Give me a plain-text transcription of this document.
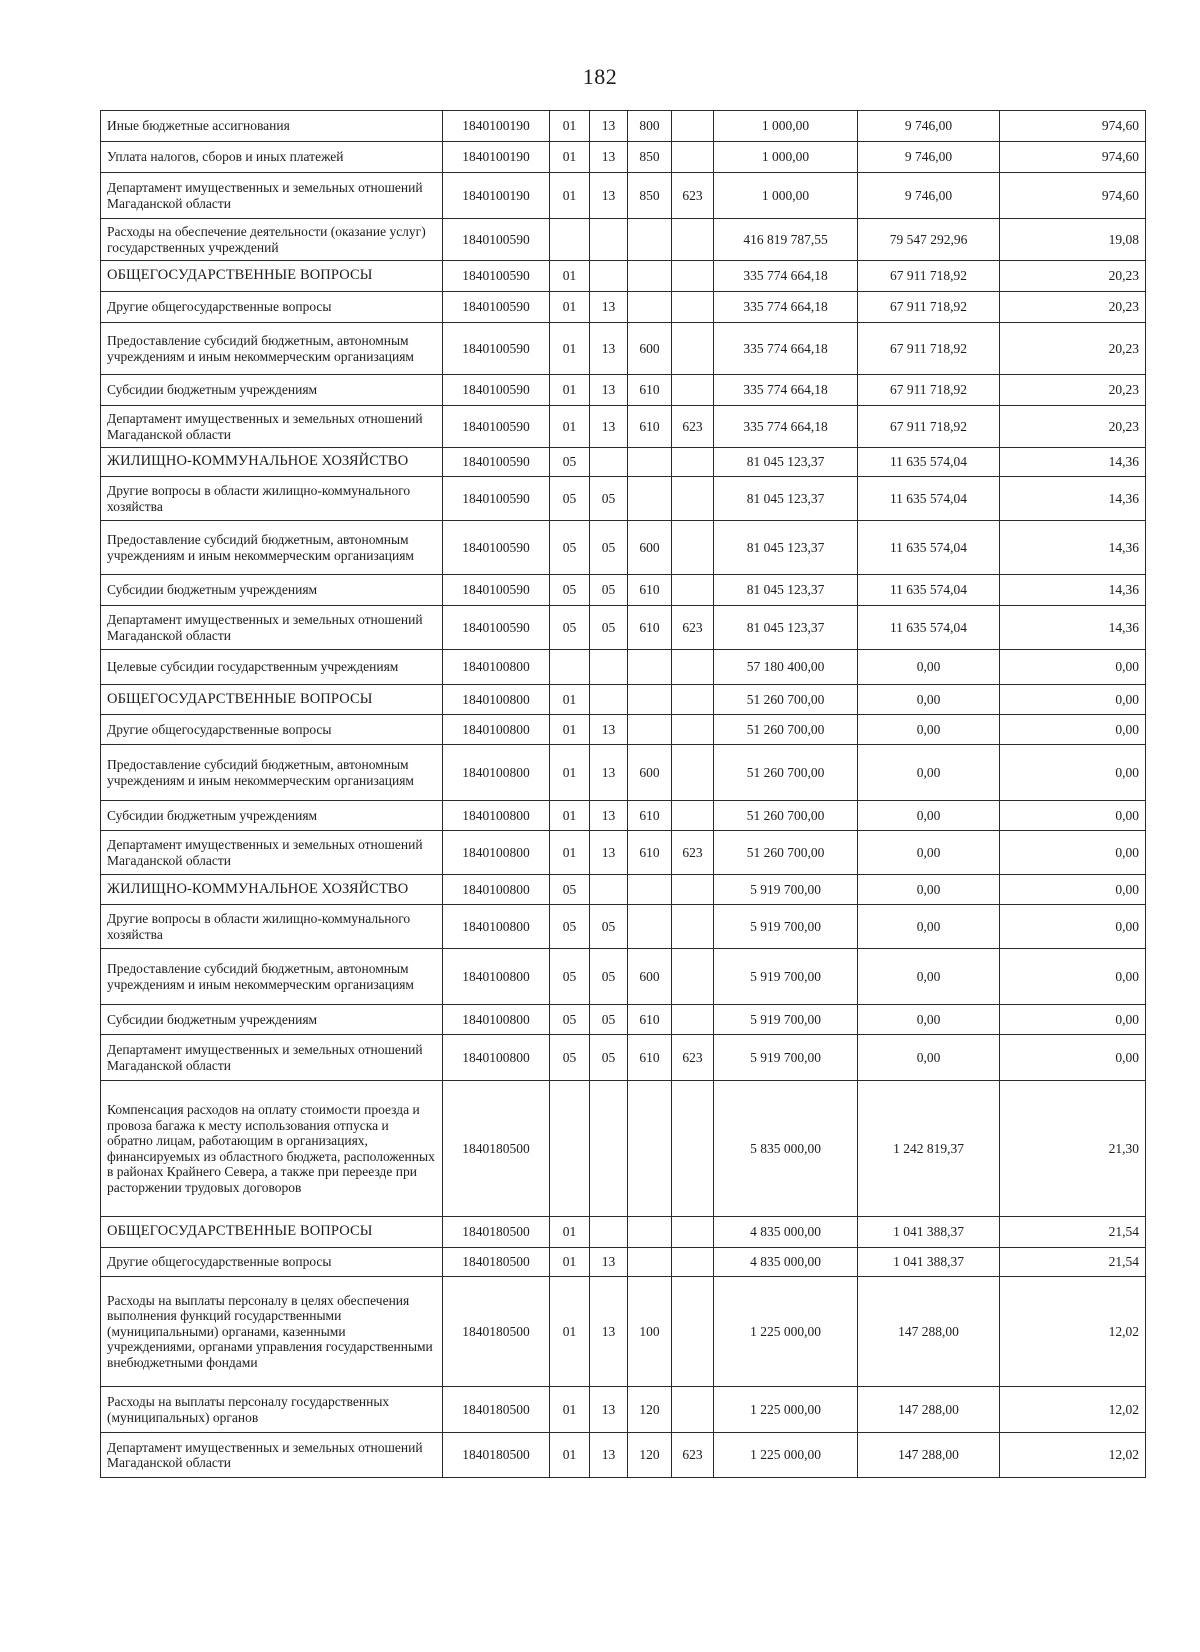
182
Иные бюджетные ассигнования	1840100190	01	13	800		1 000,00	9 746,00	974,60

Уплата налогов, сборов и иных платежей	1840100190	01	13	850		1 000,00	9 746,00	974,60

Департамент имущественных и земельных отношений Магаданской области	1840100190	01	13	850	623	1 000,00	9 746,00	974,60

Расходы на обеспечение деятельности (оказание услуг) государственных учреждений	1840100590					416 819 787,55	79 547 292,96	19,08

ОБЩЕГОСУДАРСТВЕННЫЕ ВОПРОСЫ	1840100590	01				335 774 664,18	67 911 718,92	20,23

Другие общегосударственные вопросы	1840100590	01	13			335 774 664,18	67 911 718,92	20,23

Предоставление субсидий бюджетным, автономным учреждениям и иным некоммерческим организациям	1840100590	01	13	600		335 774 664,18	67 911 718,92	20,23

Субсидии бюджетным учреждениям	1840100590	01	13	610		335 774 664,18	67 911 718,92	20,23

Департамент имущественных и земельных отношений Магаданской области	1840100590	01	13	610	623	335 774 664,18	67 911 718,92	20,23

ЖИЛИЩНО-КОММУНАЛЬНОЕ ХОЗЯЙСТВО	1840100590	05				81 045 123,37	11 635 574,04	14,36

Другие вопросы в области жилищно-коммунального хозяйства	1840100590	05	05			81 045 123,37	11 635 574,04	14,36

Предоставление субсидий бюджетным, автономным учреждениям и иным некоммерческим организациям	1840100590	05	05	600		81 045 123,37	11 635 574,04	14,36

Субсидии бюджетным учреждениям	1840100590	05	05	610		81 045 123,37	11 635 574,04	14,36

Департамент имущественных и земельных отношений Магаданской области	1840100590	05	05	610	623	81 045 123,37	11 635 574,04	14,36

Целевые субсидии государственным учреждениям	1840100800					57 180 400,00	0,00	0,00

ОБЩЕГОСУДАРСТВЕННЫЕ ВОПРОСЫ	1840100800	01				51 260 700,00	0,00	0,00

Другие общегосударственные вопросы	1840100800	01	13			51 260 700,00	0,00	0,00

Предоставление субсидий бюджетным, автономным учреждениям и иным некоммерческим организациям	1840100800	01	13	600		51 260 700,00	0,00	0,00

Субсидии бюджетным учреждениям	1840100800	01	13	610		51 260 700,00	0,00	0,00

Департамент имущественных и земельных отношений Магаданской области	1840100800	01	13	610	623	51 260 700,00	0,00	0,00

ЖИЛИЩНО-КОММУНАЛЬНОЕ ХОЗЯЙСТВО	1840100800	05				5 919 700,00	0,00	0,00

Другие вопросы в области жилищно-коммунального хозяйства	1840100800	05	05			5 919 700,00	0,00	0,00

Предоставление субсидий бюджетным, автономным учреждениям и иным некоммерческим организациям	1840100800	05	05	600		5 919 700,00	0,00	0,00

Субсидии бюджетным учреждениям	1840100800	05	05	610		5 919 700,00	0,00	0,00

Департамент имущественных и земельных отношений Магаданской области	1840100800	05	05	610	623	5 919 700,00	0,00	0,00

Компенсация расходов на оплату стоимости проезда и провоза багажа к месту использования отпуска и обратно лицам, работающим в организациях, финансируемых из областного бюджета, расположенных в районах Крайнего Севера, а также при переезде при расторжении трудовых договоров	1840180500					5 835 000,00	1 242 819,37	21,30

ОБЩЕГОСУДАРСТВЕННЫЕ ВОПРОСЫ	1840180500	01				4 835 000,00	1 041 388,37	21,54

Другие общегосударственные вопросы	1840180500	01	13			4 835 000,00	1 041 388,37	21,54

Расходы на выплаты персоналу в целях обеспечения выполнения функций государственными (муниципальными) органами, казенными учреждениями, органами управления государственными внебюджетными фондами	1840180500	01	13	100		1 225 000,00	147 288,00	12,02

Расходы на выплаты персоналу государственных (муниципальных) органов	1840180500	01	13	120		1 225 000,00	147 288,00	12,02

Департамент имущественных и земельных отношений Магаданской области	1840180500	01	13	120	623	1 225 000,00	147 288,00	12,02
